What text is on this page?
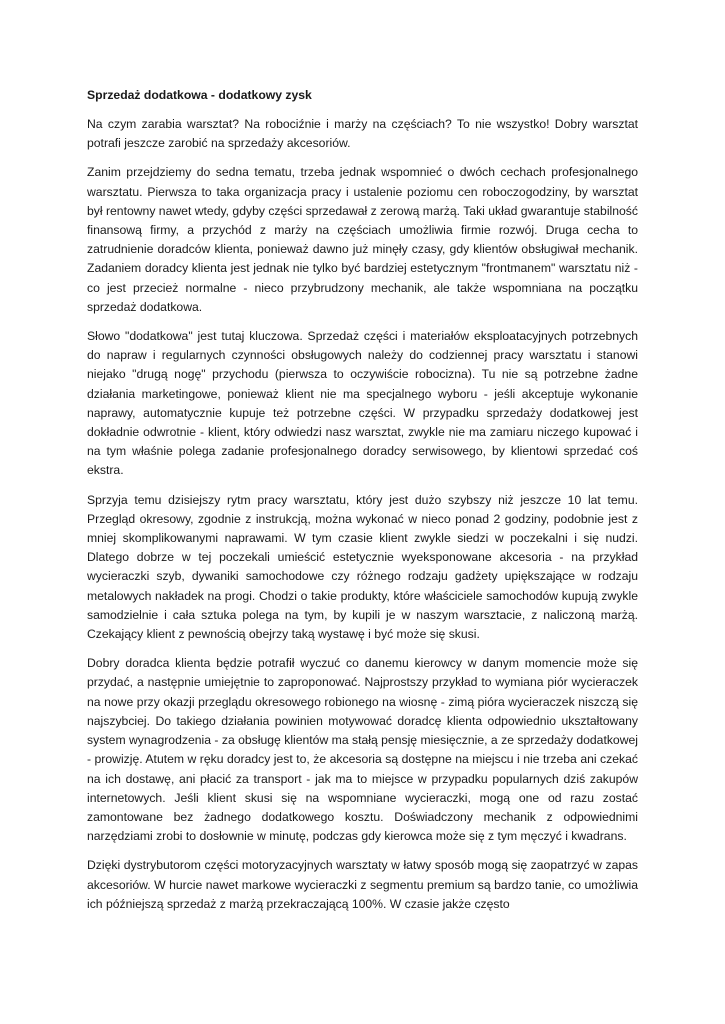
Sprzedaż dodatkowa - dodatkowy zysk

Na czym zarabia warsztat? Na robociźnie i marży na częściach? To nie wszystko! Dobry warsztat potrafi jeszcze zarobić na sprzedaży akcesoriów.

Zanim przejdziemy do sedna tematu, trzeba jednak wspomnieć o dwóch cechach profesjonalnego warsztatu. Pierwsza to taka organizacja pracy i ustalenie poziomu cen roboczogodziny, by warsztat był rentowny nawet wtedy, gdyby części sprzedawał z zerową marżą. Taki układ gwarantuje stabilność finansową firmy, a przychód z marży na częściach umożliwia firmie rozwój. Druga cecha to zatrudnienie doradców klienta, ponieważ dawno już minęły czasy, gdy klientów obsługiwał mechanik. Zadaniem doradcy klienta jest jednak nie tylko być bardziej estetycznym "frontmanem" warsztatu niż - co jest przecież normalne - nieco przybrudzony mechanik, ale także wspomniana na początku sprzedaż dodatkowa.

Słowo "dodatkowa" jest tutaj kluczowa. Sprzedaż części i materiałów eksploatacyjnych potrzebnych do napraw i regularnych czynności obsługowych należy do codziennej pracy warsztatu i stanowi niejako "drugą nogę" przychodu (pierwsza to oczywiście robocizna). Tu nie są potrzebne żadne działania marketingowe, ponieważ klient nie ma specjalnego wyboru - jeśli akceptuje wykonanie naprawy, automatycznie kupuje też potrzebne części. W przypadku sprzedaży dodatkowej jest dokładnie odwrotnie - klient, który odwiedzi nasz warsztat, zwykle nie ma zamiaru niczego kupować i na tym właśnie polega zadanie profesjonalnego doradcy serwisowego, by klientowi sprzedać coś ekstra.

Sprzyja temu dzisiejszy rytm pracy warsztatu, który jest dużo szybszy niż jeszcze 10 lat temu. Przegląd okresowy, zgodnie z instrukcją, można wykonać w nieco ponad 2 godziny, podobnie jest z mniej skomplikowanymi naprawami. W tym czasie klient zwykle siedzi w poczekalni i się nudzi. Dlatego dobrze w tej poczekali umieścić estetycznie wyeksponowane akcesoria - na przykład wycieraczki szyb, dywaniki samochodowe czy różnego rodzaju gadżety upiększające w rodzaju metalowych nakładek na progi. Chodzi o takie produkty, które właściciele samochodów kupują zwykle samodzielnie i cała sztuka polega na tym, by kupili je w naszym warsztacie, z naliczoną marżą. Czekający klient z pewnością obejrzy taką wystawę i być może się skusi.

Dobry doradca klienta będzie potrafił wyczuć co danemu kierowcy w danym momencie może się przydać, a następnie umiejętnie to zaproponować. Najprostszy przykład to wymiana piór wycieraczek na nowe przy okazji przeglądu okresowego robionego na wiosnę - zimą pióra wycieraczek niszczą się najszybciej. Do takiego działania powinien motywować doradcę klienta odpowiednio ukształtowany system wynagrodzenia - za obsługę klientów ma stałą pensję miesięcznie, a ze sprzedaży dodatkowej - prowizję. Atutem w ręku doradcy jest to, że akcesoria są dostępne na miejscu i nie trzeba ani czekać na ich dostawę, ani płacić za transport - jak ma to miejsce w przypadku popularnych dziś zakupów internetowych. Jeśli klient skusi się na wspomniane wycieraczki, mogą one od razu zostać zamontowane bez żadnego dodatkowego kosztu. Doświadczony mechanik z odpowiednimi narzędziami zrobi to dosłownie w minutę, podczas gdy kierowca może się z tym męczyć i kwadrans.

Dzięki dystrybutorom części motoryzacyjnych warsztaty w łatwy sposób mogą się zaopatrzyć w zapas akcesoriów. W hurcie nawet markowe wycieraczki z segmentu premium są bardzo tanie, co umożliwia ich późniejszą sprzedaż z marżą przekraczającą 100%. W czasie jakże często
